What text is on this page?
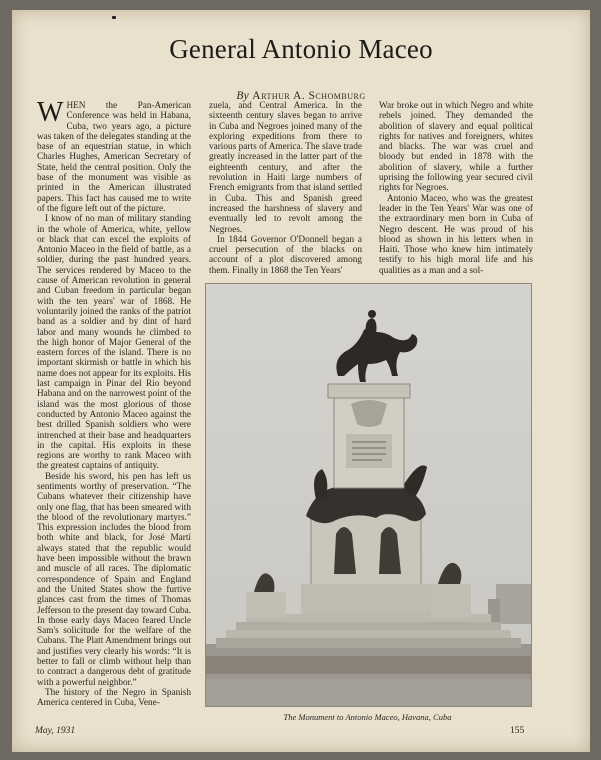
General Antonio Maceo
By Arthur A. Schomburg

WHEN the Pan-American Conference was held in Habana, Cuba, two years ago, a picture was taken of the delegates standing at the base of an equestrian statue, in which Charles Hughes, American Secretary of State, held the central position. Only the base of the monument was visible as printed in the American illustrated papers. This fact has caused me to write of the figure left out of the picture.

I know of no man of military standing in the whole of America, white, yellow or black that can excel the exploits of Antonio Maceo in the field of battle, as a soldier, during the past hundred years. The services rendered by Maceo to the cause of American revolution in general and Cuban freedom in particular began with the ten years' war of 1868. He voluntarily joined the ranks of the patriot band as a soldier and by dint of hard labor and many wounds he climbed to the high honor of Major General of the eastern forces of the island. There is no important skirmish or battle in which his name does not appear for its exploits. His last campaign in Pinar del Rio beyond Habana and on the narrowest point of the island was the most glorious of those conducted by Antonio Maceo against the best drilled Spanish soldiers who were intrenched at their base and headquarters in the capital. His exploits in these regions are worthy to rank Maceo with the greatest captains of antiquity.

Beside his sword, his pen has left us sentiments worthy of preservation. “The Cubans whatever their citizenship have only one flag, that has been smeared with the blood of the revolutionary martyrs.” This expression includes the blood from both white and black, for José Martí always stated that the republic would have been impossible without the brawn and muscle of all races. The diplomatic correspondence of Spain and England and the United States show the furtive glances cast from the times of Thomas Jefferson to the present day toward Cuba. In those early days Maceo feared Uncle Sam's solicitude for the welfare of the Cubans. The Platt Amendment brings out and justifies very clearly his words: “It is better to fall or climb without help than to contract a dangerous debt of gratitude with a powerful neighbor.”

The history of the Negro in Spanish America centered in Cuba, Vene-

zuela, and Central America. In the sixteenth century slaves began to arrive in Cuba and Negroes joined many of the exploring expeditions from there to various parts of America. The slave trade greatly increased in the latter part of the eighteenth century, and after the revolution in Haiti large numbers of French emigrants from that island settled in Cuba. This and Spanish greed increased the harshness of slavery and eventually led to revolt among the Negroes.

In 1844 Governor O'Donnell began a cruel persecution of the blacks on account of a plot discovered among them. Finally in 1868 the Ten Years'

War broke out in which Negro and white rebels joined. They demanded the abolition of slavery and equal political rights for natives and foreigners, whites and blacks. The war was cruel and bloody but ended in 1878 with the abolition of slavery, while a further uprising the following year secured civil rights for Negroes.

Antonio Maceo, who was the greatest leader in the Ten Years' War was one of the extraordinary men born in Cuba of Negro descent. He was proud of his blood as shown in his letters when in Haiti. Those who knew him intimately testify to his high moral life and his qualities as a man and a sol-

The Monument to Antonio Maceo, Havana, Cuba
May, 1931	155
